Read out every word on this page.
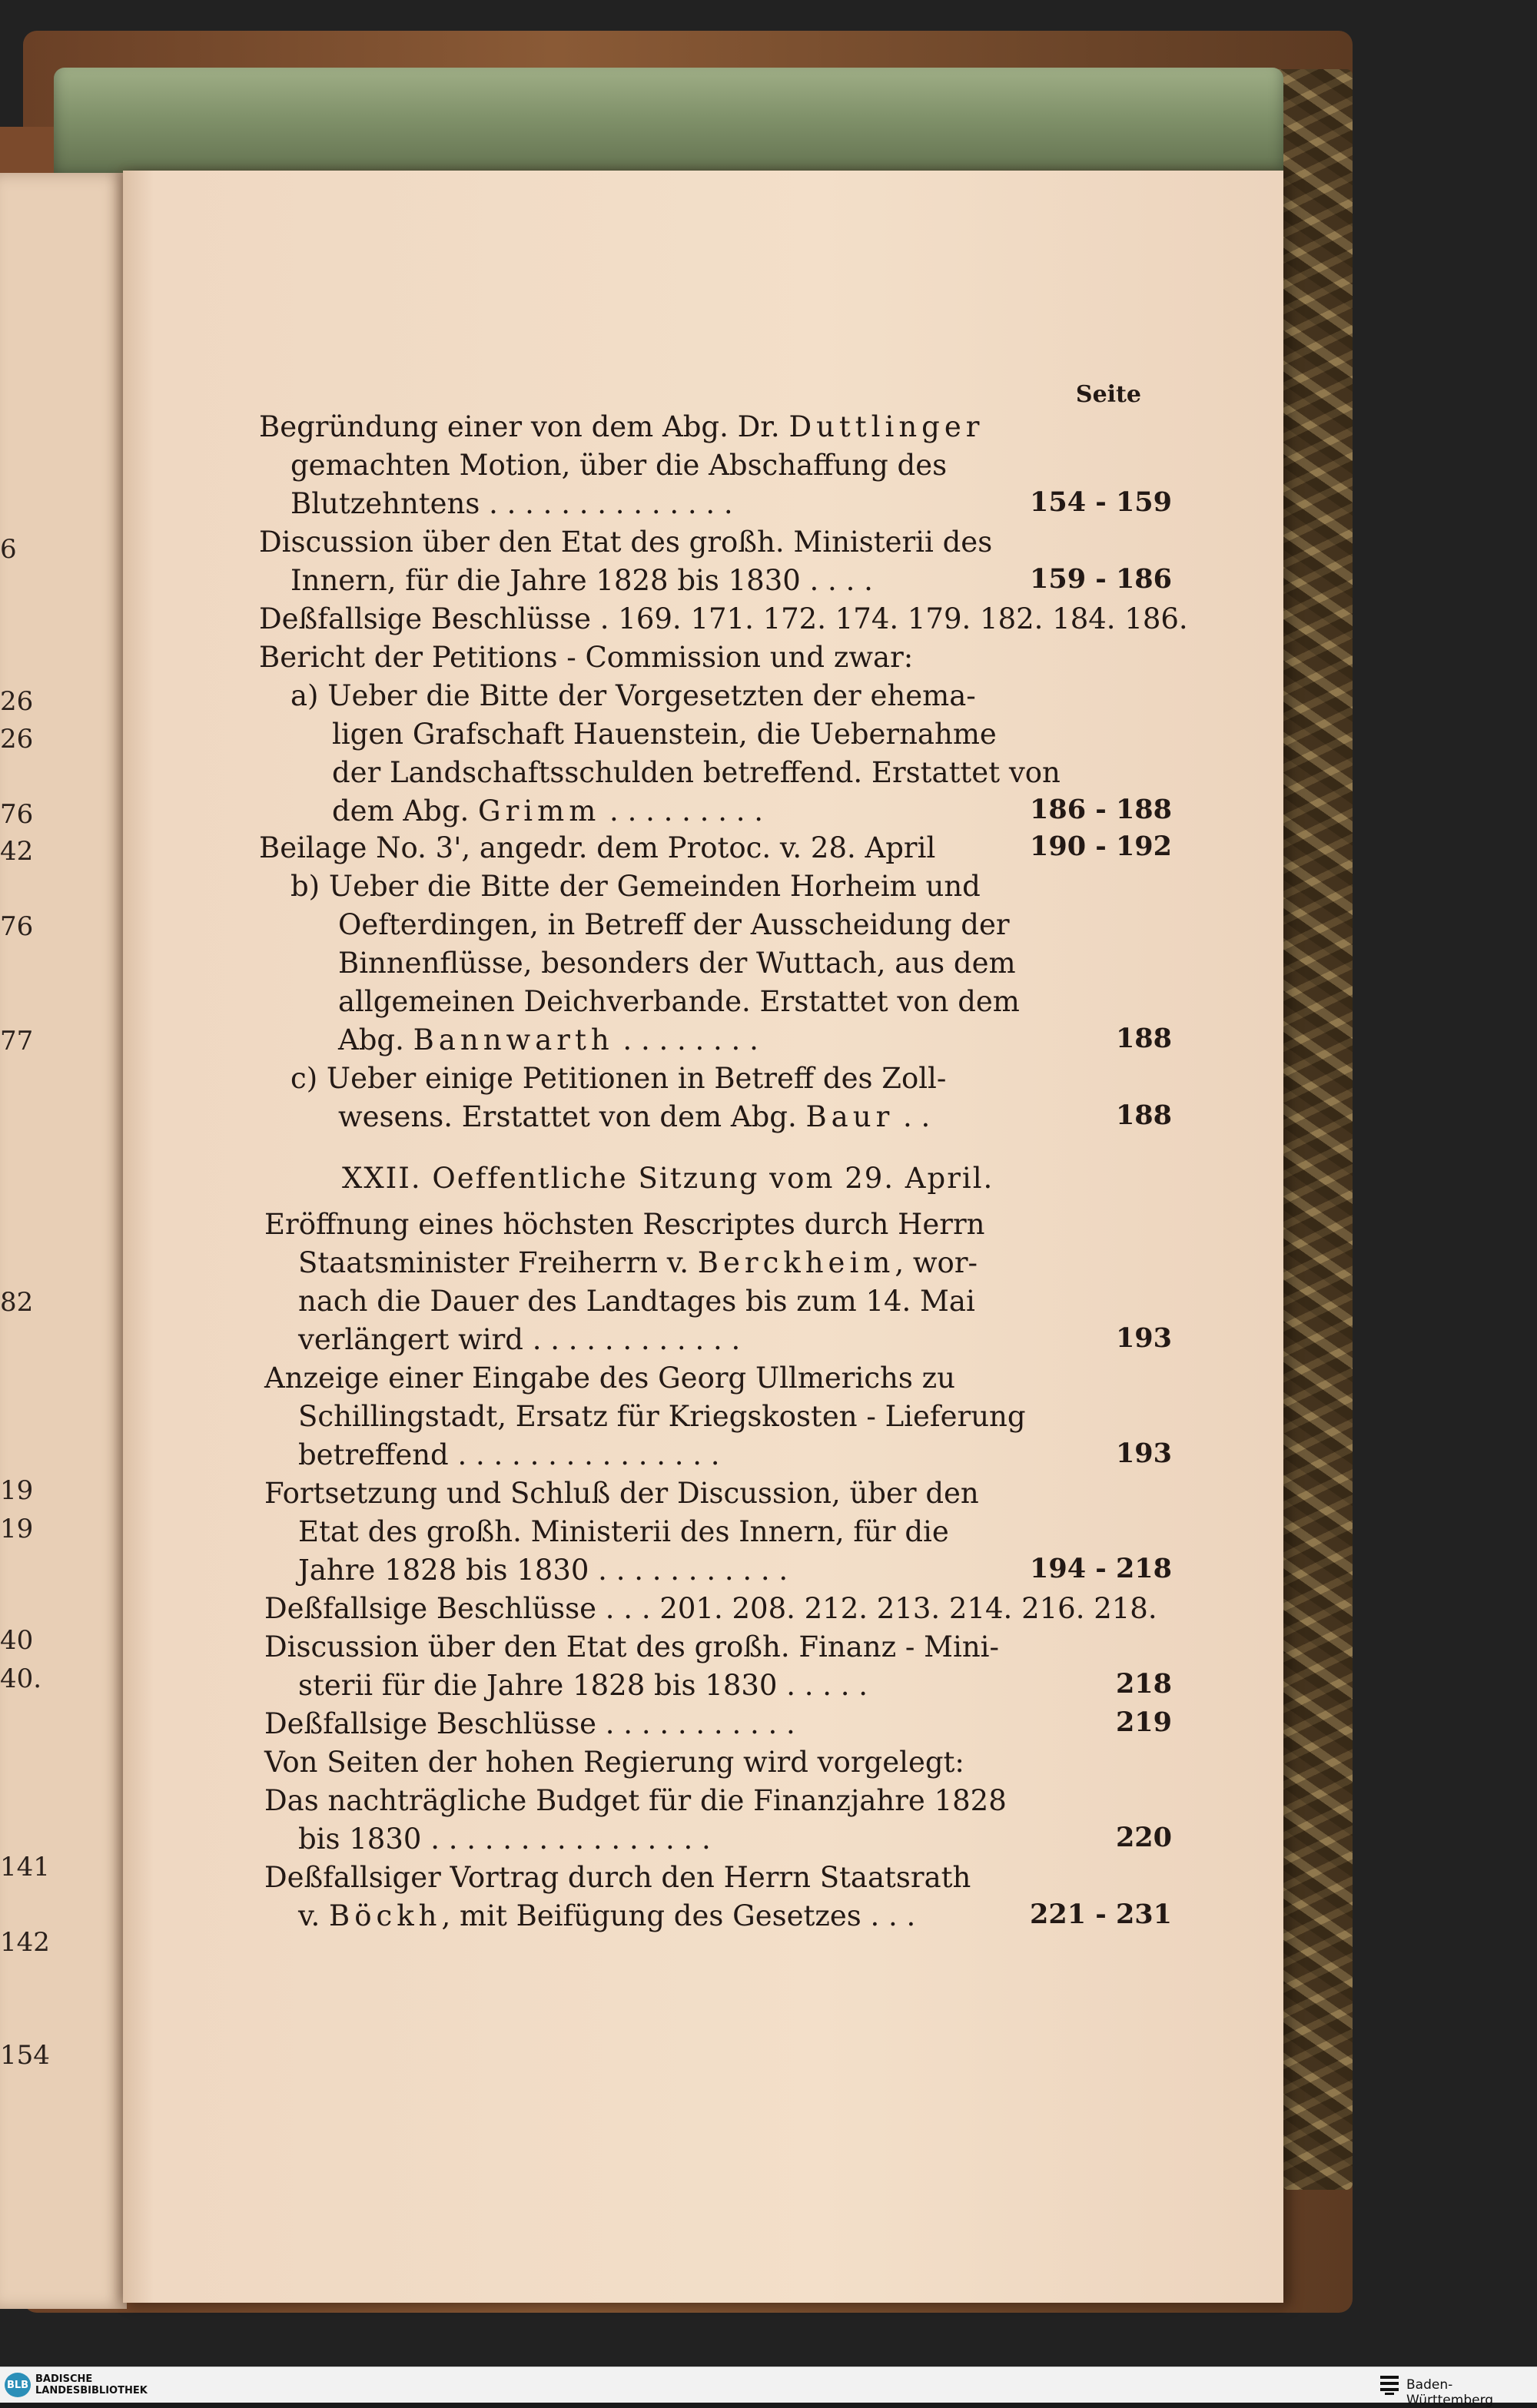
6
26
26
76
42
76
77
82
19
19
40
40.
141
142
154
Seite
Begründung einer von dem Abg. Dr. Duttlinger
gemachten Motion, über die Abschaffung des
Blutzehntens . . . . . . . . . . . . . .	154 - 159
Discussion über den Etat des großh. Ministerii des
Innern, für die Jahre 1828 bis 1830 . . . .	159 - 186
Deßfallsige Beschlüsse . 169. 171. 172. 174. 179. 182. 184. 186.
Bericht der Petitions - Commission und zwar:
a) Ueber die Bitte der Vorgesetzten der ehema-
ligen Grafschaft Hauenstein, die Uebernahme
der Landschaftsschulden betreffend. Erstattet von
dem Abg. Grimm . . . . . . . . .	186 - 188
Beilage No. 3', angedr. dem Protoc. v. 28. April	190 - 192
b) Ueber die Bitte der Gemeinden Horheim und
Oefterdingen, in Betreff der Ausscheidung der
Binnenflüsse, besonders der Wuttach, aus dem
allgemeinen Deichverbande. Erstattet von dem
Abg. Bannwarth . . . . . . . .	188
c) Ueber einige Petitionen in Betreff des Zoll-
wesens. Erstattet von dem Abg. Baur . .	188
XXII. Oeffentliche Sitzung vom 29. April.
Eröffnung eines höchsten Rescriptes durch Herrn
Staatsminister Freiherrn v. Berckheim, wor-
nach die Dauer des Landtages bis zum 14. Mai
verlängert wird . . . . . . . . . . . .	193
Anzeige einer Eingabe des Georg Ullmerichs zu
Schillingstadt, Ersatz für Kriegskosten - Lieferung
betreffend . . . . . . . . . . . . . . .	193
Fortsetzung und Schluß der Discussion, über den
Etat des großh. Ministerii des Innern, für die
Jahre 1828 bis 1830 . . . . . . . . . . .	194 - 218
Deßfallsige Beschlüsse . . . 201. 208. 212. 213. 214. 216. 218.
Discussion über den Etat des großh. Finanz - Mini-
sterii für die Jahre 1828 bis 1830 . . . . .	218
Deßfallsige Beschlüsse . . . . . . . . . . .	219
Von Seiten der hohen Regierung wird vorgelegt:
Das nachträgliche Budget für die Finanzjahre 1828
bis 1830 . . . . . . . . . . . . . . . .	220
Deßfallsiger Vortrag durch den Herrn Staatsrath
v. Böckh, mit Beifügung des Gesetzes . . .	221 - 231
BLB BADISCHE
LANDESBIBLIOTHEK	Baden-Württemberg
